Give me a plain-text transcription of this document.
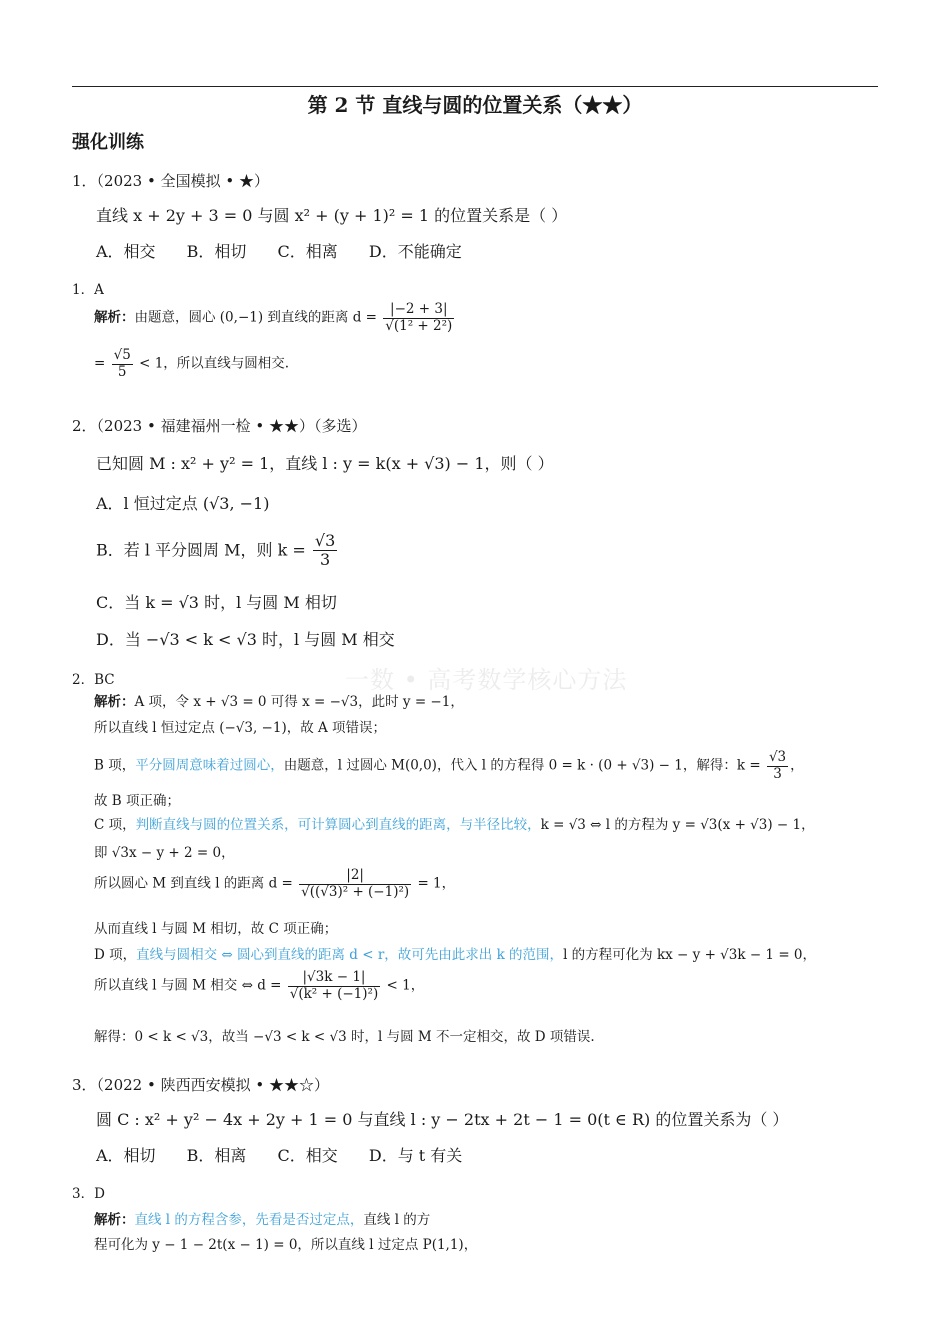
第 2 节 直线与圆的位置关系（★★）
强化训练
1．（2023 • 全国模拟 • ★）
直线 x + 2y + 3 = 0 与圆 x² + (y + 1)² = 1 的位置关系是（ ）
A．相交 B．相切 C．相离 D．不能确定
1．A
解析：由题意，圆心 (0,−1) 到直线的距离 $d = \frac{|-2 + 3|}{\text{√(1² + 2²)}}$
= $\frac{√5}{5} < 1$，所以直线与圆相交.
2．（2023 • 福建福州一检 • ★★）（多选）
已知圆 M : x² + y² = 1，直线 l : y = k(x + √3) − 1，则（ ）
A．l 恒过定点 (√3, −1)
B．若 l 平分圆周 M，则 $k = \frac{√3}{3}$
C．当 k = √3 时，l 与圆 M 相切
D．当 −√3 < k < √3 时，l 与圆 M 相交
一数 • 高考数学核心方法
2．BC
解析：A 项，令 x + √3 = 0 可得 x = −√3，此时 y = −1，
所以直线 l 恒过定点 (−√3, −1)，故 A 项错误；
B 项，平分圆周意味着过圆心，由题意，l 过圆心 M(0,0)，代入 l 的方程得 0 = k · (0 + √3) − 1，解得：$k = \frac{√3}{3}$ ，
故 B 项正确；
C 项，判断直线与圆的位置关系，可计算圆心到直线的距离，与半径比较，k = √3 ⇔ l 的方程为 y = √3(x + √3) − 1，
即 √3x − y + 2 = 0，
所以圆心 M 到直线 l 的距离 $d = \frac{|2|}{\text{√((√3)² + (−1)²)}} = 1$，
从而直线 l 与圆 M 相切，故 C 项正确；
D 项，直线与圆相交 ⇔ 圆心到直线的距离 d < r，故可先由此求出 k 的范围，l 的方程可化为 kx − y + √3k − 1 = 0，
所以直线 l 与圆 M 相交 ⇔ $d = \frac{|√3k - 1|}{\text{√(k² + (−1)²)}} < 1$，
解得：0 < k < √3，故当 −√3 < k < √3 时，l 与圆 M 不一定相交，故 D 项错误.
3．（2022 • 陕西西安模拟 • ★★☆）
圆 C : x² + y² − 4x + 2y + 1 = 0 与直线 l : y − 2tx + 2t − 1 = 0(t ∈ R) 的位置关系为（ ）
A．相切 B．相离 C．相交 D．与 t 有关
3．D
解析：直线 l 的方程含参，先看是否过定点，直线 l 的方
程可化为 y − 1 − 2t(x − 1) = 0，所以直线 l 过定点 P(1,1)，
